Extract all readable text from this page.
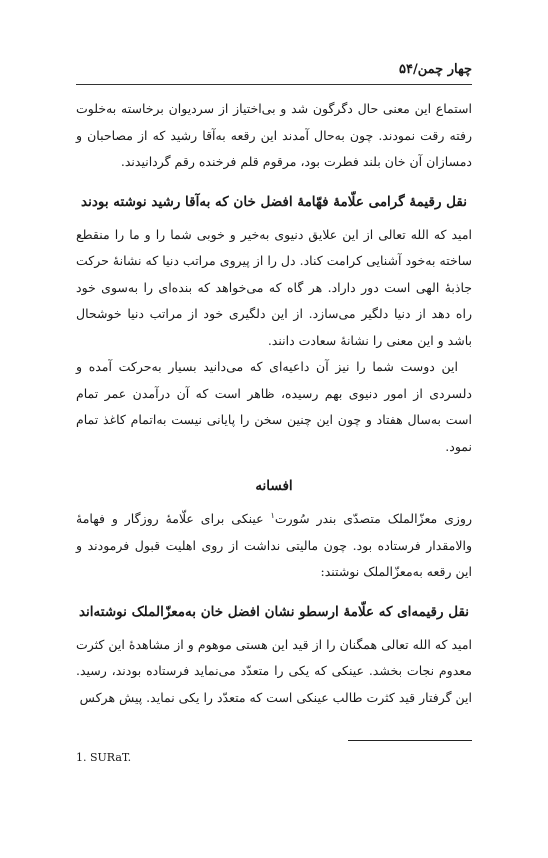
چهار چمن/۵۴

استماع این معنی حال دگرگون شد و بی‌اختیاز از سردیوان برخاسته به‌خلوت رفته رقت نمودند. چون به‌حال آمدند این رقعه به‌آقا رشید که از مصاحبان و دمسازان آن خان بلند فطرت بود، مرقوم قلم فرخنده رقم گردانیدند.

نقل رقیمهٔ گرامی علّامهٔ فهّامهٔ افضل خان که به‌آقا رشید نوشته بودند

امید که الله تعالی از این علایق دنیوی به‌خیر و خوبی شما را و ما را منقطع ساخته به‌خود آشنایی کرامت کناد. دل را از پیروی مراتب دنیا که نشانهٔ حرکت جاذبهٔ الهی است دور داراد. هر گاه که می‌خواهد که بنده‌ای را به‌سوی خود راه دهد از دنیا دلگیر می‌سازد. از این دلگیری خود از مراتب دنیا خوشحال باشد و این معنی را نشانهٔ سعادت دانند.

این دوست شما را نیز آن داعیه‌ای که می‌دانید بسیار به‌حرکت آمده و دلسردی از امور دنیوی بهم رسیده، ظاهر است که آن درآمدن عمر تمام است به‌سال هفتاد و چون این چنین سخن را پایانی نیست به‌اتمام کاغذ تمام نمود.

افسانه

روزی معزّالملک متصدّی بندر سُورت$^۱$ عینکی برای علّامهٔ روزگار و فهامهٔ والامقدار فرستاده بود. چون مالیتی نداشت از روی اهلیت قبول فرمودند و این رقعه به‌معزّالملک نوشتند:

نقل رقیمه‌ای که علّامهٔ ارسطو نشان افضل خان به‌معزّالملک نوشته‌اند

امید که الله تعالی همگنان را از قید این هستی موهوم و از مشاهدهٔ این کثرت معدوم نجات بخشد. عینکی که یکی را متعدّد می‌نماید فرستاده بودند، رسید. این گرفتار قید کثرت طالب عینکی است که متعدّد را یکی نماید. پیش هرکس

1. SURaT.
